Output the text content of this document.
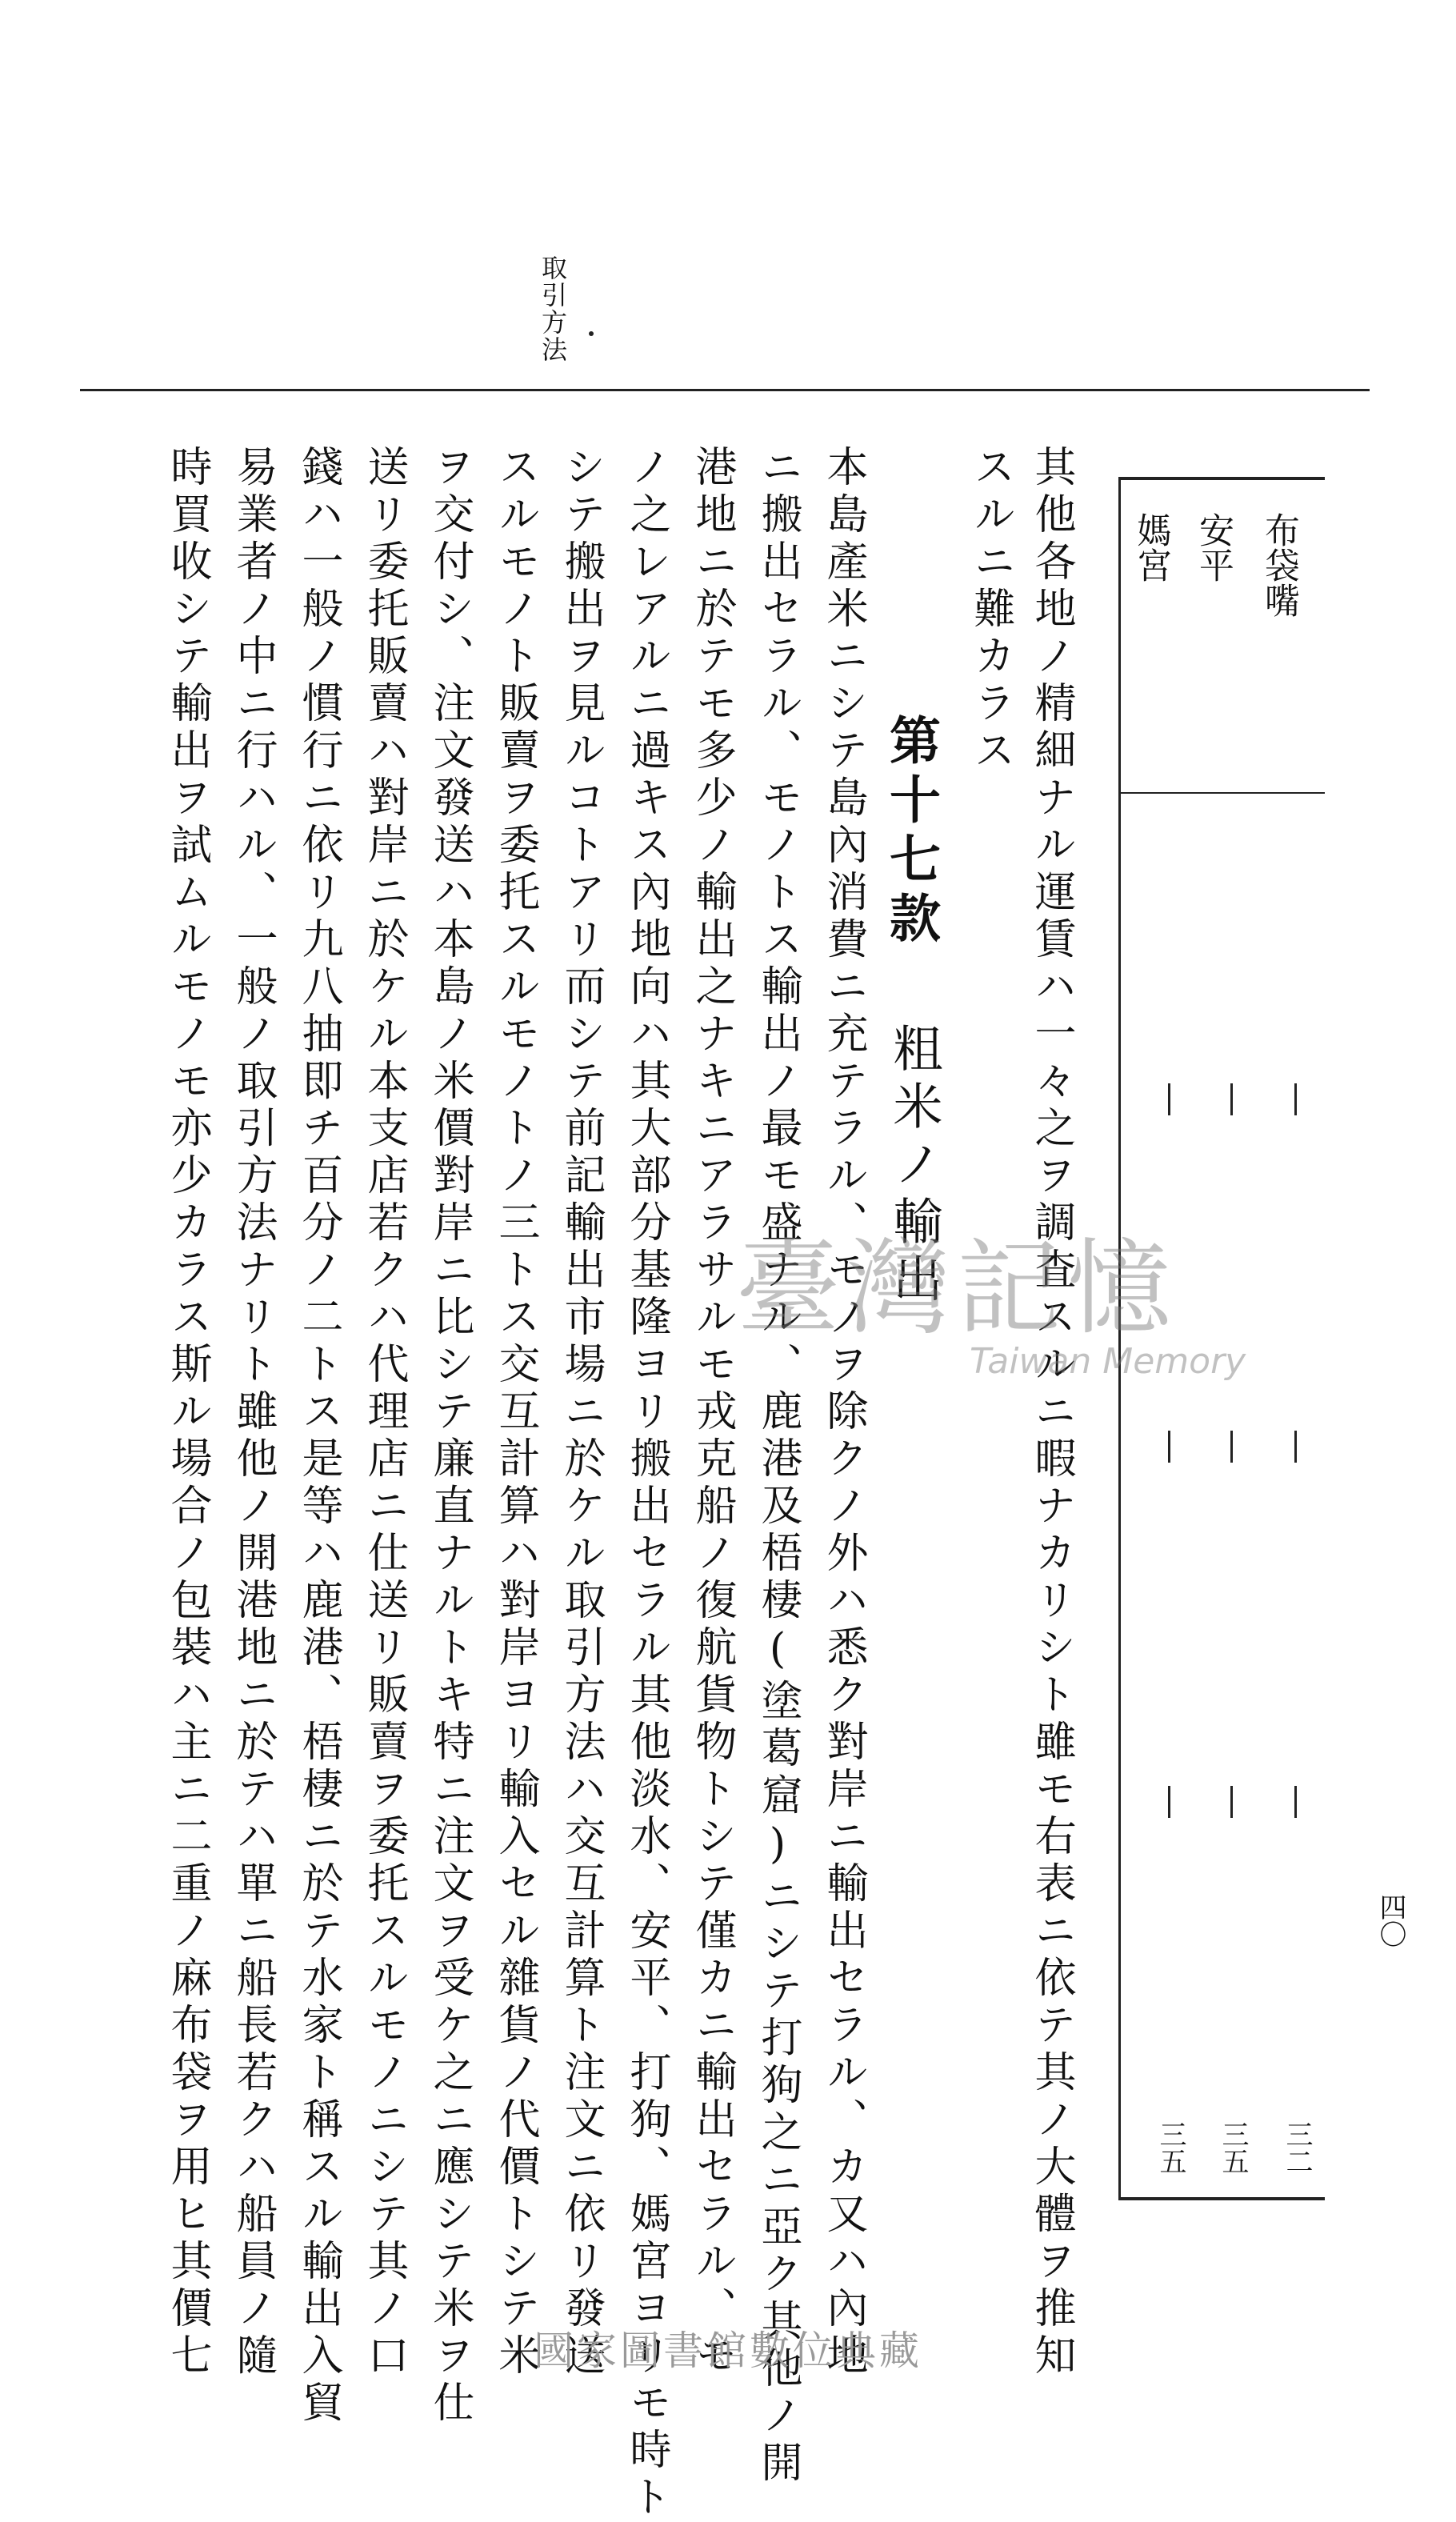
取引方法
布袋嘴
安平
媽宮
三二
三五
三五
其他各地ノ精細ナル運賃ハ一々之ヲ調査スルニ暇ナカリシト雖モ右表ニ依テ其ノ大體ヲ推知
スルニ難カラス
第十七款
粗米ノ輸出
本島產米ニシテ島內消費ニ充テラル、モノヲ除クノ外ハ悉ク對岸ニ輸出セラル、カ又ハ內地
ニ搬出セラル、モノトス輸出ノ最モ盛ナル、鹿港及梧棲(塗葛窟)ニシテ打狗之ニ亞ク其他ノ開
港地ニ於テモ多少ノ輸出之ナキニアラサルモ戎克船ノ復航貨物トシテ僅カニ輸出セラル、モ
ノ之レアルニ過キス內地向ハ其大部分基隆ヨリ搬出セラル其他淡水、安平、打狗、媽宮ヨリモ時ト
シテ搬出ヲ見ルコトアリ而シテ前記輸出市場ニ於ケル取引方法ハ交互計算ト注文ニ依リ發送
スルモノト販賣ヲ委托スルモノトノ三トス交互計算ハ對岸ヨリ輸入セル雜貨ノ代價トシテ米
ヲ交付シ、注文發送ハ本島ノ米價對岸ニ比シテ廉直ナルトキ特ニ注文ヲ受ケ之ニ應シテ米ヲ仕
送リ委托販賣ハ對岸ニ於ケル本支店若クハ代理店ニ仕送リ販賣ヲ委托スルモノニシテ其ノ口
錢ハ一般ノ慣行ニ依リ九八抽即チ百分ノ二トス是等ハ鹿港、梧棲ニ於テ水家ト稱スル輸出入貿
易業者ノ中ニ行ハル、一般ノ取引方法ナリト雖他ノ開港地ニ於テハ單ニ船長若クハ船員ノ隨
時買收シテ輸出ヲ試ムルモノモ亦少カラス斯ル場合ノ包裝ハ主ニ二重ノ麻布袋ヲ用ヒ其價七	四〇
臺灣記憶
Taiwan Memory
國家圖書館數位典藏
